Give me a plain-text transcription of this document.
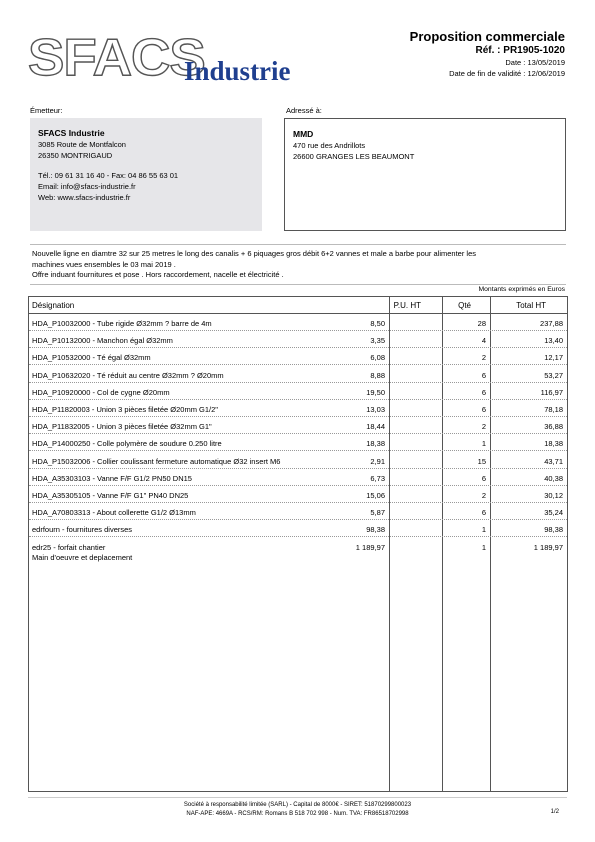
SFACS
Industrie
Proposition commerciale
Réf. : PR1905-1020
Date : 13/05/2019
Date de fin de validité : 12/06/2019
Émetteur:	Adressé à:
SFACS Industrie
3085 Route de Montfalcon
26350 MONTRIGAUD
Tél.: 09 61 31 16 40 - Fax: 04 86 55 63 01
Email: info@sfacs-industrie.fr
Web: www.sfacs-industrie.fr
MMD
470 rue des Andrillots
26600 GRANGES LES BEAUMONT
Nouvelle ligne en diamtre 32 sur 25 metres le long des canalis + 6 piquages gros débit 6+2 vannes et male a barbe pour alimenter les
machines vues ensembles le 03 mai 2019 .
Offre induant fournitures et pose . Hors raccordement, nacelle et électricité .
Montants exprimés en Euros
Désignation	P.U. HT	Qté	Total HT
HDA_P10032000 - Tube rigide Ø32mm ? barre de 4m	8,50	28	237,88
HDA_P10132000 - Manchon égal Ø32mm	3,35	4	13,40
HDA_P10532000 - Té égal Ø32mm	6,08	2	12,17
HDA_P10632020 - Té réduit au centre Ø32mm ? Ø20mm	8,88	6	53,27
HDA_P10920000 - Col de cygne Ø20mm	19,50	6	116,97
HDA_P11820003 - Union 3 pièces filetée Ø20mm G1/2"	13,03	6	78,18
HDA_P11832005 - Union 3 pièces filetée Ø32mm G1"	18,44	2	36,88
HDA_P14000250 - Colle polymère de soudure 0.250 litre	18,38	1	18,38
HDA_P15032006 - Collier coulissant fermeture automatique Ø32 insert M6	2,91	15	43,71
HDA_A35303103 - Vanne F/F G1/2 PN50 DN15	6,73	6	40,38
HDA_A35305105 - Vanne F/F G1" PN40 DN25	15,06	2	30,12
HDA_A70803313 - About collerette G1/2 Ø13mm	5,87	6	35,24
edrfourn - fournitures diverses	98,38	1	98,38
edr25 - forfait chantier	1 189,97	1	1 189,97
Main d'oeuvre et deplacement
Société à responsabilité limitée (SARL) - Capital de 8000€ - SIRET: 51870299800023
NAF-APE: 4669A - RCS/RM: Romans B 518 702 998 - Num. TVA: FR86518702998	1/2
